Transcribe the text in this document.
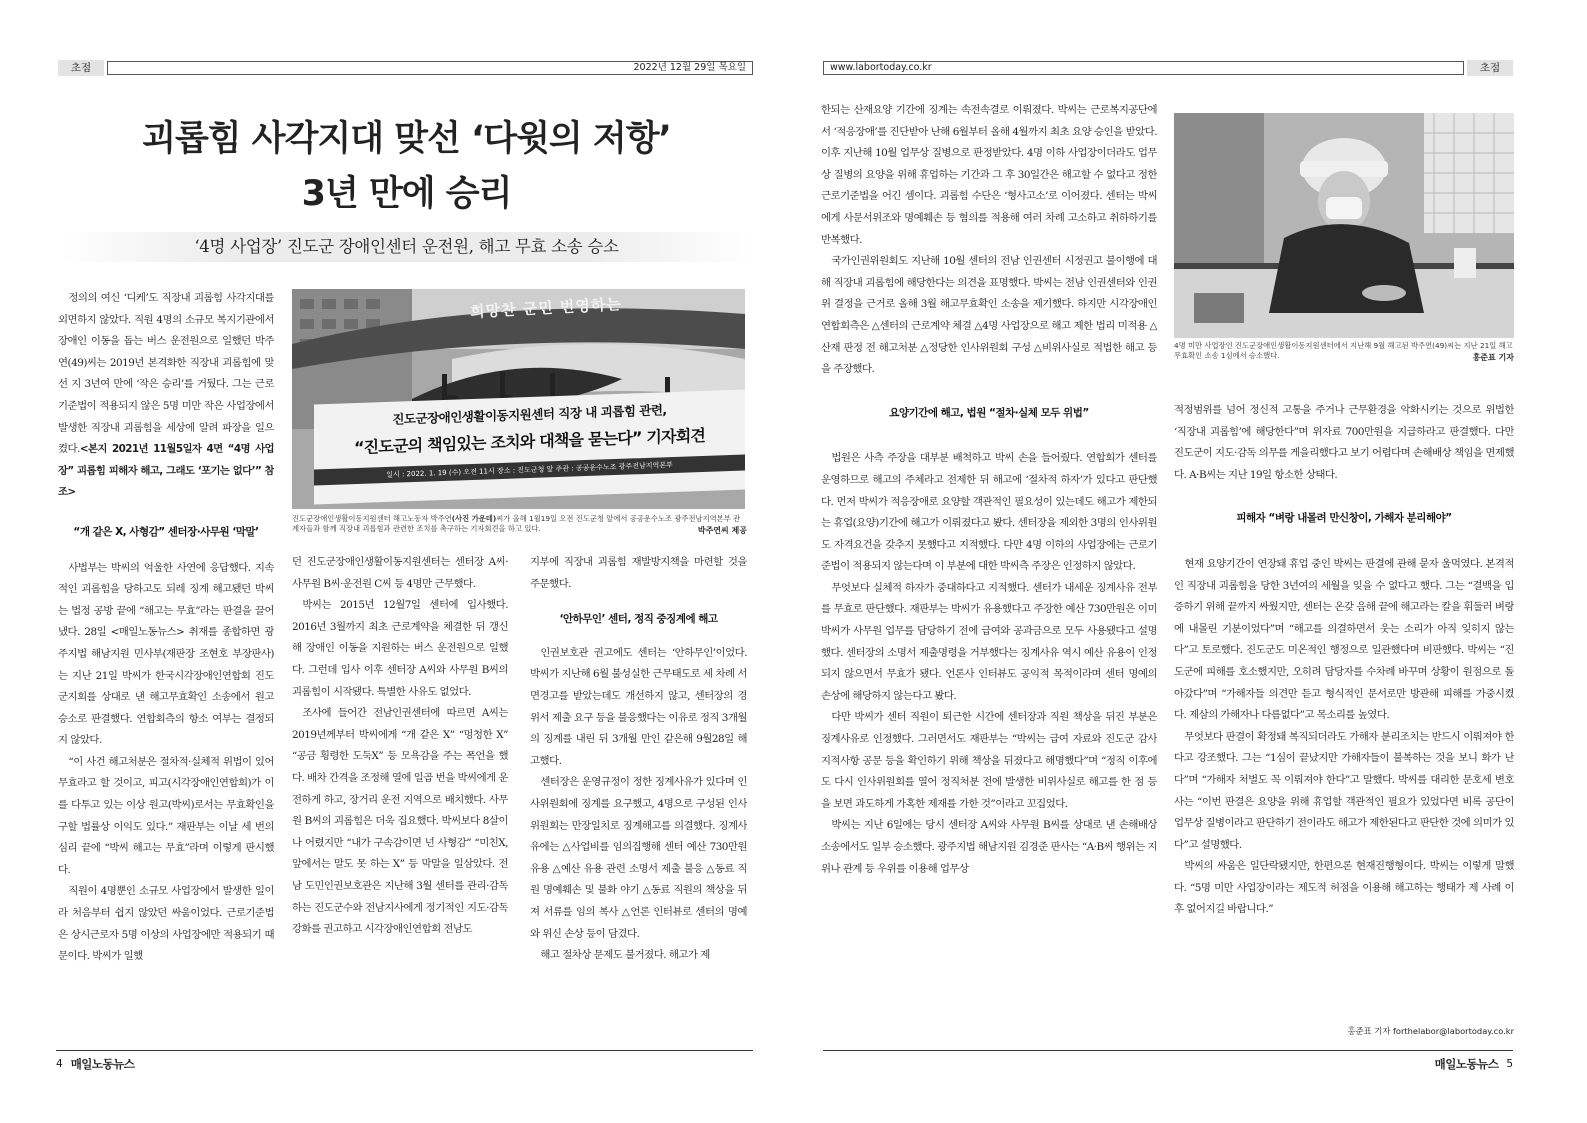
초점	2022년 12월 29일 목요일
괴롭힘 사각지대 맞선 ‘다윗의 저항’
3년 만에 승리
‘4명 사업장’ 진도군 장애인센터 운전원, 해고 무효 소송 승소
진도군장애인생활이동지원센터 직장 내 괴롭힘 관련,
“진도군의 책임있는 조치와 대책을 묻는다” 기자회견
일시 : 2022. 1. 19 (수) 오전 11시 장소 : 진도군청 앞 주관 : 공공운수노조 광주전남지역본부
희망찬 군민 번영하는
진도군장애인생활이동지원센터 해고노동자 박주연(사진 가운데)씨가 올해 1월19일 오전 진도군청 앞에서 공공운수노조 광주전남지역본부 관계자들과 함께 직장내 괴롭힘과 관련한 조치를 촉구하는 기자회견을 하고 있다.	박주연씨 제공

정의의 여신 ‘디케’도 직장내 괴롭힘 사각지대를 외면하지 않았다. 직원 4명의 소규모 복지기관에서 장애인 이동을 돕는 버스 운전원으로 일했던 박주연(49)씨는 2019년 본격화한 직장내 괴롭힘에 맞선 지 3년여 만에 ‘작은 승리’를 거뒀다. 그는 근로기준법이 적용되지 않은 5명 미만 작은 사업장에서 발생한 직장내 괴롭힘을 세상에 알려 파장을 일으켰다.<본지 2021년 11월5일자 4면 “4명 사업장” 괴롭힘 피해자 해고, 그래도 ‘포기는 없다’” 참조>

“개 같은 X, 사형감” 센터장·사무원 ‘막말’

사법부는 박씨의 억울한 사연에 응답했다. 지속적인 괴롭힘을 당하고도 되레 징계 해고됐던 박씨는 법정 공방 끝에 “해고는 무효”라는 판결을 끌어냈다. 28일 <매일노동뉴스> 취재를 종합하면 광주지법 해남지원 민사부(재판장 조현호 부장판사)는 지난 21일 박씨가 한국시각장애인연합회 진도군지회를 상대로 낸 해고무효확인 소송에서 원고 승소로 판결했다. 연합회측의 항소 여부는 결정되지 않았다.

“이 사건 해고처분은 절차적·실체적 위법이 있어 무효라고 할 것이고, 피고(시각장애인연합회)가 이를 다투고 있는 이상 원고(박씨)로서는 무효확인을 구할 법률상 이익도 있다.” 재판부는 이날 세 번의 심리 끝에 “박씨 해고는 무효”라며 이렇게 판시했다.

직원이 4명뿐인 소규모 사업장에서 발생한 일이라 처음부터 쉽지 않았던 싸움이었다. 근로기준법은 상시근로자 5명 이상의 사업장에만 적용되기 때문이다. 박씨가 일했

던 진도군장애인생활이동지원센터는 센터장 A씨·사무원 B씨·운전원 C씨 등 4명만 근무했다.

박씨는 2015년 12월7일 센터에 입사했다. 2016년 3월까지 최초 근로계약을 체결한 뒤 갱신해 장애인 이동을 지원하는 버스 운전원으로 일했다. 그런데 입사 이후 센터장 A씨와 사무원 B씨의 괴롭힘이 시작됐다. 특별한 사유도 없었다.

조사에 들어간 전남인권센터에 따르면 A씨는 2019년께부터 박씨에게 “개 같은 X” “멍청한 X” “공금 횡령한 도둑X” 등 모욕감을 주는 폭언을 했다. 배차 간격을 조정해 열에 일곱 번을 박씨에게 운전하게 하고, 장거리 운전 지역으로 배치했다. 사무원 B씨의 괴롭힘은 더욱 집요했다. 박씨보다 8살이나 어렸지만 “내가 구속감이면 넌 사형감” “미친X, 앞에서는 말도 못 하는 X” 등 막말을 일삼았다. 전남 도민인권보호관은 지난해 3월 센터를 관리·감독하는 진도군수와 전남지사에게 정기적인 지도·감독 강화를 권고하고 시각장애인연합회 전남도

지부에 직장내 괴롭힘 재발방지책을 마련할 것을 주문했다.

‘안하무인’ 센터, 정직 중징계에 해고

인권보호관 권고에도 센터는 ‘안하무인’이었다. 박씨가 지난해 6월 불성실한 근무태도로 세 차례 서면경고를 받았는데도 개선하지 않고, 센터장의 경위서 제출 요구 등을 불응했다는 이유로 정직 3개월의 징계를 내린 뒤 3개월 만인 같은해 9월28일 해고했다.

센터장은 운영규정이 정한 징계사유가 있다며 인사위원회에 징계를 요구했고, 4명으로 구성된 인사위원회는 만장일치로 징계해고를 의결했다. 징계사유에는 △사업비를 임의집행해 센터 예산 730만원 유용 △예산 유용 관련 소명서 제출 불응 △동료 직원 명예훼손 및 불화 야기 △동료 직원의 책상을 뒤져 서류를 임의 복사 △언론 인터뷰로 센터의 명예와 위신 손상 등이 담겼다.

해고 절차상 문제도 불거졌다. 해고가 제

4 매일노동뉴스
www.labortoday.co.kr	초점

한되는 산재요양 기간에 징계는 속전속결로 이뤄졌다. 박씨는 근로복지공단에서 ‘적응장애’를 진단받아 난해 6월부터 올해 4월까지 최초 요양 승인을 받았다. 이후 지난해 10월 업무상 질병으로 판정받았다. 4명 이하 사업장이더라도 업무상 질병의 요양을 위해 휴업하는 기간과 그 후 30일간은 해고할 수 없다고 정한 근로기준법을 어긴 셈이다. 괴롭힘 수단은 ‘형사고소’로 이어졌다. 센터는 박씨에게 사문서위조와 명예훼손 등 혐의를 적용해 여러 차례 고소하고 취하하기를 반복했다.

국가인권위원회도 지난해 10월 센터의 전남 인권센터 시정권고 불이행에 대해 직장내 괴롭힘에 해당한다는 의견을 표명했다. 박씨는 전남 인권센터와 인권위 결정을 근거로 올해 3월 해고무효확인 소송을 제기했다. 하지만 시각장애인연합회측은 △센터의 근로계약 체결 △4명 사업장으로 해고 제한 법리 미적용 △산재 판정 전 해고처분 △정당한 인사위원회 구성 △비위사실로 적법한 해고 등을 주장했다.

요양기간에 해고, 법원 “절차·실체 모두 위법”

법원은 사측 주장을 대부분 배척하고 박씨 손을 들어줬다. 연합회가 센터를 운영하므로 해고의 주체라고 전제한 뒤 해고에 ‘절차적 하자’가 있다고 판단했다. 먼저 박씨가 적응장애로 요양할 객관적인 필요성이 있는데도 해고가 제한되는 휴업(요양)기간에 해고가 이뤄졌다고 봤다. 센터장을 제외한 3명의 인사위원도 자격요건을 갖추지 못했다고 지적했다. 다만 4명 이하의 사업장에는 근로기준법이 적용되지 않는다며 이 부분에 대한 박씨측 주장은 인정하지 않았다.

무엇보다 실체적 하자가 중대하다고 지적했다. 센터가 내세운 징계사유 전부를 무효로 판단했다. 재판부는 박씨가 유용했다고 주장한 예산 730만원은 이미 박씨가 사무원 업무를 담당하기 전에 급여와 공과금으로 모두 사용됐다고 설명했다. 센터장의 소명서 제출명령을 거부했다는 징계사유 역시 예산 유용이 인정되지 않으면서 무효가 됐다. 언론사 인터뷰도 공익적 목적이라며 센터 명예의 손상에 해당하지 않는다고 봤다.

다만 박씨가 센터 직원이 퇴근한 시간에 센터장과 직원 책상을 뒤진 부분은 징계사유로 인정했다. 그러면서도 재판부는 “박씨는 급여 자료와 진도군 감사 지적사항 공문 등을 확인하기 위해 책상을 뒤졌다고 해명했다”며 “정직 이후에도 다시 인사위원회를 열어 정직처분 전에 발생한 비위사실로 해고를 한 점 등을 보면 과도하게 가혹한 제재를 가한 것”이라고 꼬집었다.

박씨는 지난 6일에는 당시 센터장 A씨와 사무원 B씨를 상대로 낸 손해배상 소송에서도 일부 승소했다. 광주지법 해남지원 김경준 판사는 “A·B씨 행위는 지위나 관계 등 우위를 이용해 업무상

4명 미만 사업장인 진도군장애인생활이동지원센터에서 지난해 9월 해고된 박주연(49)씨는 지난 21일 해고무효확인 소송 1심에서 승소했다.	홍준표 기자

적정범위를 넘어 정신적 고통을 주거나 근무환경을 악화시키는 것으로 위법한 ‘직장내 괴롭힘’에 해당한다”며 위자료 700만원을 지급하라고 판결했다. 다만 진도군이 지도·감독 의무를 게을리했다고 보기 어렵다며 손해배상 책임을 면제했다. A·B씨는 지난 19일 항소한 상태다.

피해자 “벼랑 내몰려 만신창이, 가해자 분리해야”

현재 요양기간이 연장돼 휴업 중인 박씨는 판결에 관해 묻자 울먹였다. 본격적인 직장내 괴롭힘을 당한 3년여의 세월을 잊을 수 없다고 했다. 그는 “결백을 입증하기 위해 끝까지 싸웠지만, 센터는 온갖 음해 끝에 해고라는 칼을 휘둘러 벼랑에 내몰린 기분이었다”며 “해고를 의결하면서 웃는 소리가 아직 잊히지 않는다”고 토로했다. 진도군도 미온적인 행정으로 일관했다며 비판했다. 박씨는 “진도군에 피해를 호소했지만, 오히려 담당자를 수차례 바꾸며 상황이 원점으로 돌아갔다”며 “가해자들 의견만 듣고 형식적인 문서로만 방관해 피해를 가중시켰다. 제삼의 가해자나 다름없다”고 목소리를 높였다.

무엇보다 판결이 확정돼 복직되더라도 가해자 분리조치는 반드시 이뤄져야 한다고 강조했다. 그는 “1심이 끝났지만 가해자들이 불복하는 것을 보니 화가 난다”며 “가해자 처벌도 꼭 이뤄져야 한다”고 말했다. 박씨를 대리한 문호세 변호사는 “이번 판결은 요양을 위해 휴업할 객관적인 필요가 있었다면 비록 공단이 업무상 질병이라고 판단하기 전이라도 해고가 제한된다고 판단한 것에 의미가 있다”고 설명했다.

박씨의 싸움은 일단락됐지만, 한편으론 현재진행형이다. 박씨는 이렇게 말했다. “5명 미만 사업장이라는 제도적 허점을 이용해 해고하는 행태가 제 사례 이후 없어지길 바랍니다.”

홍준표 기자 forthelabor@labortoday.co.kr
매일노동뉴스 5
